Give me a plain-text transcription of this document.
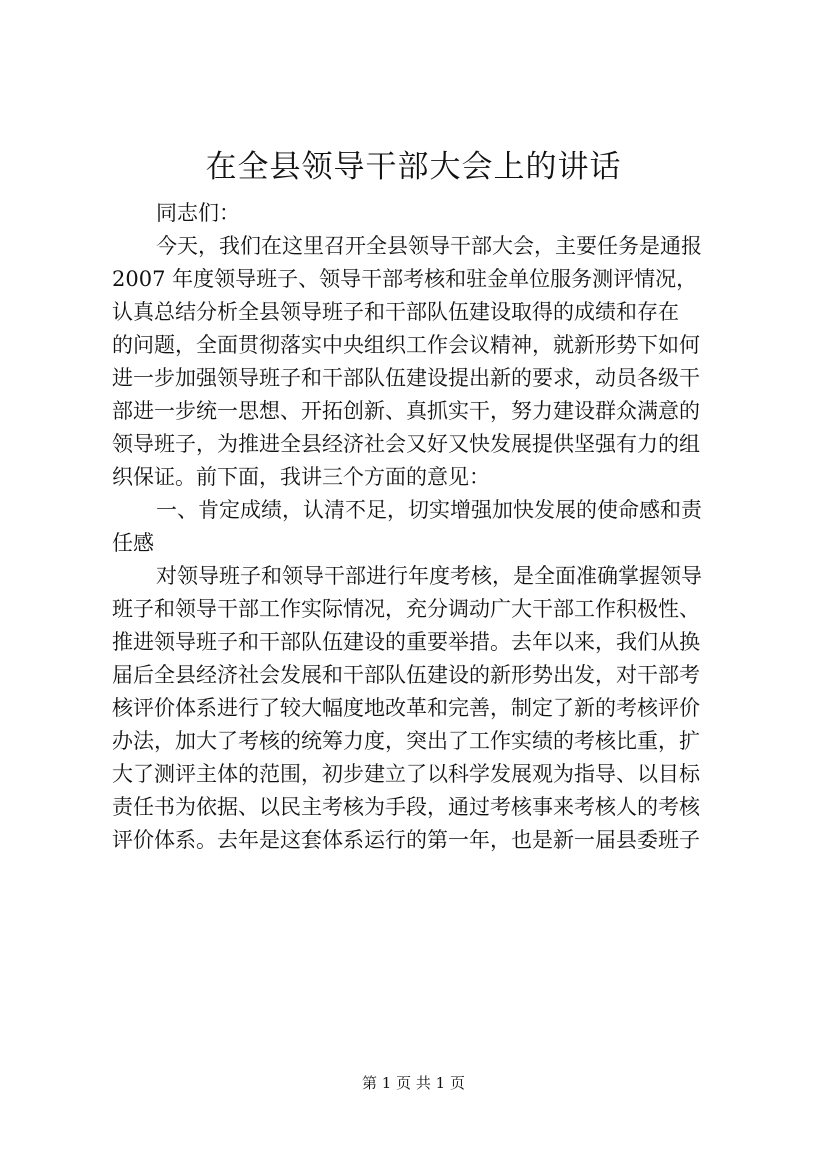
在全县领导干部大会上的讲话
同志们：
今天，我们在这里召开全县领导干部大会，主要任务是通报
2007 年度领导班子、领导干部考核和驻金单位服务测评情况，
认真总结分析全县领导班子和干部队伍建设取得的成绩和存在
的问题，全面贯彻落实中央组织工作会议精神，就新形势下如何
进一步加强领导班子和干部队伍建设提出新的要求，动员各级干
部进一步统一思想、开拓创新、真抓实干，努力建设群众满意的
领导班子，为推进全县经济社会又好又快发展提供坚强有力的组
织保证。前下面，我讲三个方面的意见：
一、肯定成绩，认清不足，切实增强加快发展的使命感和责
任感
对领导班子和领导干部进行年度考核，是全面准确掌握领导
班子和领导干部工作实际情况，充分调动广大干部工作积极性、
推进领导班子和干部队伍建设的重要举措。去年以来，我们从换
届后全县经济社会发展和干部队伍建设的新形势出发，对干部考
核评价体系进行了较大幅度地改革和完善，制定了新的考核评价
办法，加大了考核的统筹力度，突出了工作实绩的考核比重，扩
大了测评主体的范围，初步建立了以科学发展观为指导、以目标
责任书为依据、以民主考核为手段，通过考核事来考核人的考核
评价体系。去年是这套体系运行的第一年，也是新一届县委班子
第 1 页 共 1 页
